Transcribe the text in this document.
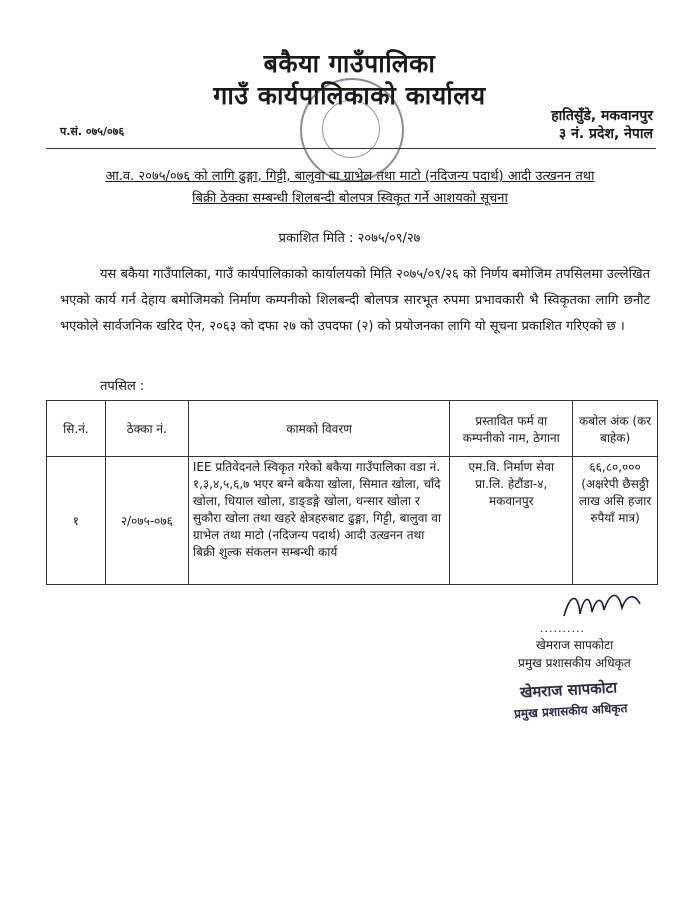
बकैया गाउँपालिका
गाउँ कार्यपालिकाको कार्यालय
हातिसुँडे, मकवानपुर
३ नं. प्रदेश, नेपाल
प.सं. ०७५/०७६
आ.व. २०७५/०७६ को लागि ढुङ्गा, गिट्टी, बालुवा वा ग्राभेल तथा माटो (नदिजन्य पदार्थ) आदी उत्खनन तथा
बिक्री ठेक्का सम्बन्धी शिलबन्दी बोलपत्र स्विकृत गर्ने आशयको सूचना
प्रकाशित मिति : २०७५/०९/२७
यस बकैया गाउँपालिका, गाउँ कार्यपालिकाको कार्यालयको मिति २०७५/०९/२६ को निर्णय बमोजिम तपसिलमा उल्लेखित भएको कार्य गर्न देहाय बमोजिमको निर्माण कम्पनीको शिलबन्दी बोलपत्र सारभूत रुपमा प्रभावकारी भै स्विकृतका लागि छनौट भएकोले सार्वजनिक खरिद ऐन, २०६३ को दफा २७ को उपदफा (२) को प्रयोजनका लागि यो सूचना प्रकाशित गरिएको छ ।
तपसिल :
सि.नं.	ठेक्का नं.	कामको विवरण	प्रस्तावित फर्म वा कम्पनीको नाम, ठेगाना	कबोल अंक (कर बाहेक)
१	२/०७५-०७६	IEE प्रतिवेदनले स्विकृत गरेको बकैया गाउँपालिका वडा नं. १,३,४,५,६,७ भएर बग्ने बकैया खोला, सिमात खोला, चाँदे खोला, धियाल खोला, डाङ्डङ्गे खोला, धन्सार खोला र सुकौरा खोला तथा खहरे क्षेत्रहरुबाट ढुङ्गा, गिट्टी, बालुवा वा ग्राभेल तथा माटो (नदिजन्य पदार्थ) आदी उत्खनन तथा बिक्री शुल्क संकलन सम्बन्धी कार्य	एम.वि. निर्माण सेवा प्रा.लि. हेटौंडा-४, मकवानपुर	६६,८०,०००
(अक्षरेपी छैसठ्ठी लाख असि हजार रुपैयाँ मात्र)
..........
खेमराज सापकोटा
प्रमुख प्रशासकीय अधिकृत
खेमराज सापकोटा
प्रमुख प्रशासकीय अधिकृत
